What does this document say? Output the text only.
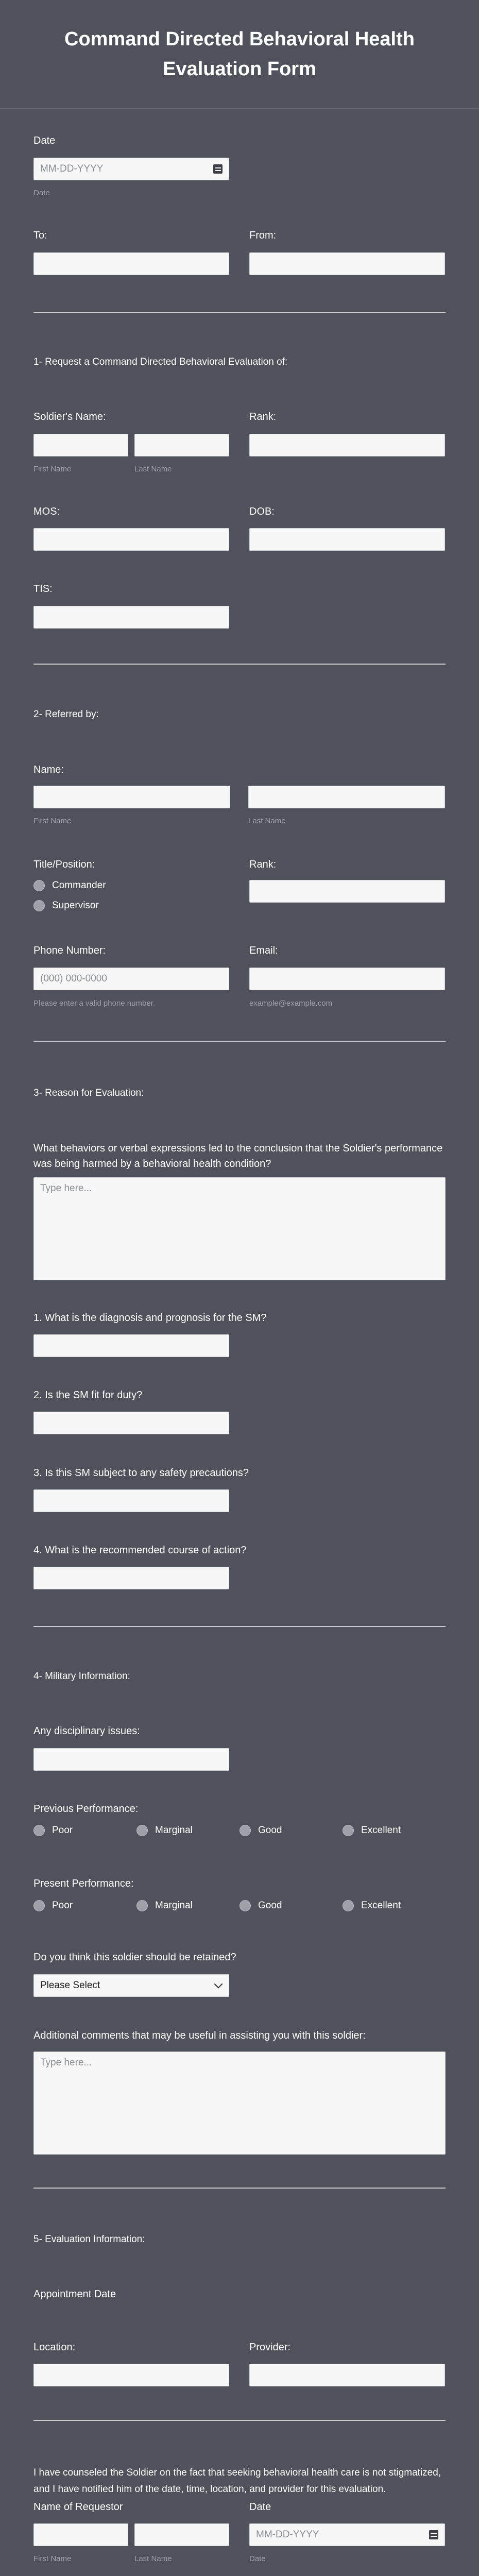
Command Directed Behavioral Health Evaluation Form
Date
MM-DD-YYYY
Date
To:	From:
1- Request a Command Directed Behavioral Evaluation of:
Soldier's Name:
First Name	Last Name
Rank:
MOS:	DOB:
TIS:
2- Referred by:
Name:
First Name	Last Name
Title/Position:
Commander
Supervisor
Rank:
Phone Number:
(000) 000-0000
Please enter a valid phone number.
Email:
example@example.com
3- Reason for Evaluation:
What behaviors or verbal expressions led to the conclusion that the Soldier's performance was being harmed by a behavioral health condition?
Type here...
1. What is the diagnosis and prognosis for the SM?
2. Is the SM fit for duty?
3. Is this SM subject to any safety precautions?
4. What is the recommended course of action?
4- Military Information:
Any disciplinary issues:
Previous Performance:
Poor	Marginal	Good	Excellent
Present Performance:
Poor	Marginal	Good	Excellent
Do you think this soldier should be retained?
Please Select
Additional comments that may be useful in assisting you with this soldier:
Type here...
5- Evaluation Information:
Appointment Date
Location:	Provider:
I have counseled the Soldier on the fact that seeking behavioral health care is not stigmatized, and I have notified him of the date, time, location, and provider for this evaluation.
Name of Requestor
First Name	Last Name
Date
MM-DD-YYYY
Date
